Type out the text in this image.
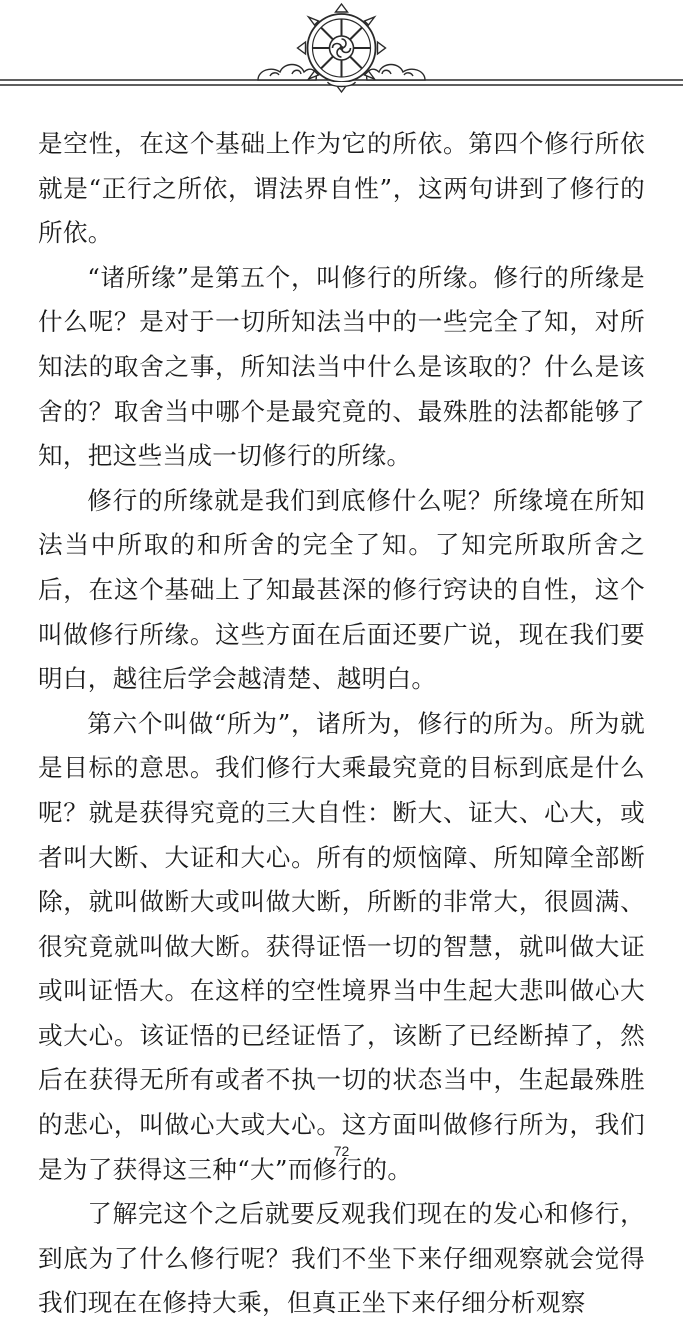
是空性，在这个基础上作为它的所依。第四个修行所依就是“正行之所依，谓法界自性”，这两句讲到了修行的所依。

“诸所缘”是第五个，叫修行的所缘。修行的所缘是什么呢？是对于一切所知法当中的一些完全了知，对所知法的取舍之事，所知法当中什么是该取的？什么是该舍的？取舍当中哪个是最究竟的、最殊胜的法都能够了知，把这些当成一切修行的所缘。

修行的所缘就是我们到底修什么呢？所缘境在所知法当中所取的和所舍的完全了知。了知完所取所舍之后，在这个基础上了知最甚深的修行窍诀的自性，这个叫做修行所缘。这些方面在后面还要广说，现在我们要明白，越往后学会越清楚、越明白。

第六个叫做“所为”，诸所为，修行的所为。所为就是目标的意思。我们修行大乘最究竟的目标到底是什么呢？就是获得究竟的三大自性：断大、证大、心大，或者叫大断、大证和大心。所有的烦恼障、所知障全部断除，就叫做断大或叫做大断，所断的非常大，很圆满、很究竟就叫做大断。获得证悟一切的智慧，就叫做大证或叫证悟大。在这样的空性境界当中生起大悲叫做心大或大心。该证悟的已经证悟了，该断了已经断掉了，然后在获得无所有或者不执一切的状态当中，生起最殊胜的悲心，叫做心大或大心。这方面叫做修行所为，我们是为了获得这三种“大”而修行的。

了解完这个之后就要反观我们现在的发心和修行，到底为了什么修行呢？我们不坐下来仔细观察就会觉得我们现在在修持大乘，但真正坐下来仔细分析观察

72
